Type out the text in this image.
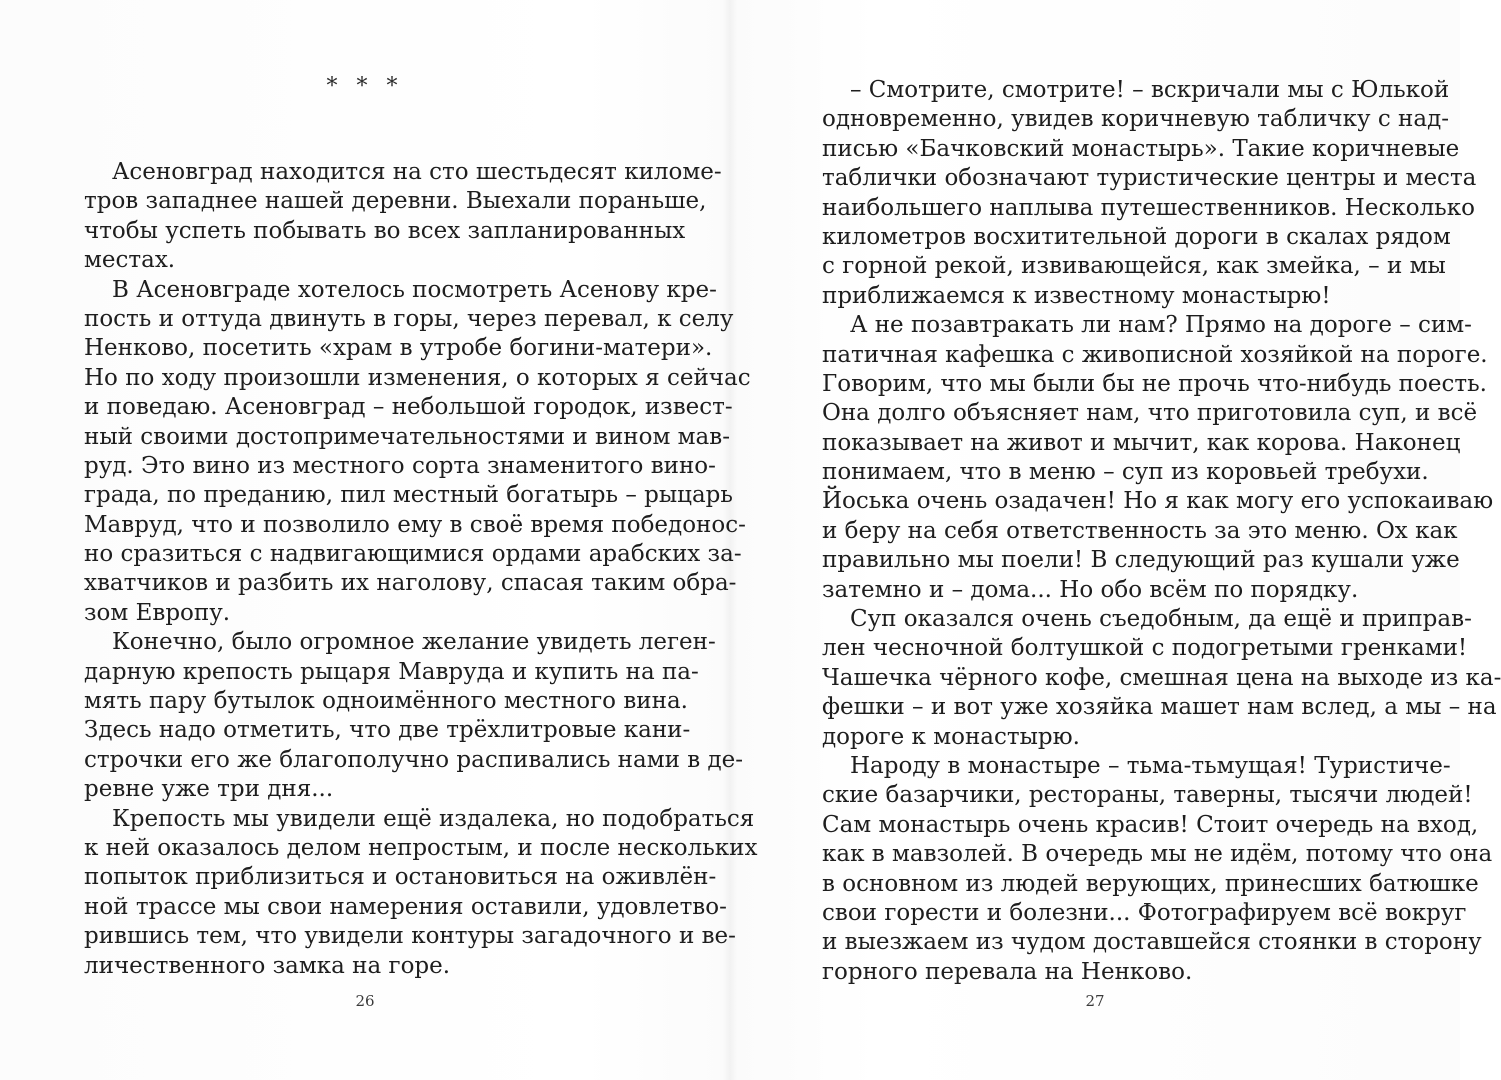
* * *
Асеновград находится на сто шестьдесят киломе-
тров западнее нашей деревни. Выехали пораньше,
чтобы успеть побывать во всех запланированных
местах.
В Асеновграде хотелось посмотреть Асенову кре-
пость и оттуда двинуть в горы, через перевал, к селу
Ненково, посетить «храм в утробе богини-матери».
Но по ходу произошли изменения, о которых я сейчас
и поведаю. Асеновград – небольшой городок, извест-
ный своими достопримечательностями и вином мав-
руд. Это вино из местного сорта знаменитого вино-
града, по преданию, пил местный богатырь – рыцарь
Мавруд, что и позволило ему в своё время победонос-
но сразиться с надвигающимися ордами арабских за-
хватчиков и разбить их наголову, спасая таким обра-
зом Европу.
Конечно, было огромное желание увидеть леген-
дарную крепость рыцаря Мавруда и купить на па-
мять пару бутылок одноимённого местного вина.
Здесь надо отметить, что две трёхлитровые кани-
строчки его же благополучно распивались нами в де-
ревне уже три дня...
Крепость мы увидели ещё издалека, но подобраться
к ней оказалось делом непростым, и после нескольких
попыток приблизиться и остановиться на оживлён-
ной трассе мы свои намерения оставили, удовлетво-
рившись тем, что увидели контуры загадочного и ве-
личественного замка на горе.
26
– Смотрите, смотрите! – вскричали мы с Юлькой
одновременно, увидев коричневую табличку с над-
писью «Бачковский монастырь». Такие коричневые
таблички обозначают туристические центры и места
наибольшего наплыва путешественников. Несколько
километров восхитительной дороги в скалах рядом
с горной рекой, извивающейся, как змейка, – и мы
приближаемся к известному монастырю!
А не позавтракать ли нам? Прямо на дороге – сим-
патичная кафешка с живописной хозяйкой на пороге.
Говорим, что мы были бы не прочь что-нибудь поесть.
Она долго объясняет нам, что приготовила суп, и всё
показывает на живот и мычит, как корова. Наконец
понимаем, что в меню – суп из коровьей требухи.
Йоська очень озадачен! Но я как могу его успокаиваю
и беру на себя ответственность за это меню. Ох как
правильно мы поели! В следующий раз кушали уже
затемно и – дома... Но обо всём по порядку.
Суп оказался очень съедобным, да ещё и приправ-
лен чесночной болтушкой с подогретыми гренками!
Чашечка чёрного кофе, смешная цена на выходе из ка-
фешки – и вот уже хозяйка машет нам вслед, а мы – на
дороге к монастырю.
Народу в монастыре – тьма-тьмущая! Туристиче-
ские базарчики, рестораны, таверны, тысячи людей!
Сам монастырь очень красив! Стоит очередь на вход,
как в мавзолей. В очередь мы не идём, потому что она
в основном из людей верующих, принесших батюшке
свои горести и болезни... Фотографируем всё вокруг
и выезжаем из чудом доставшейся стоянки в сторону
горного перевала на Ненково.
27
